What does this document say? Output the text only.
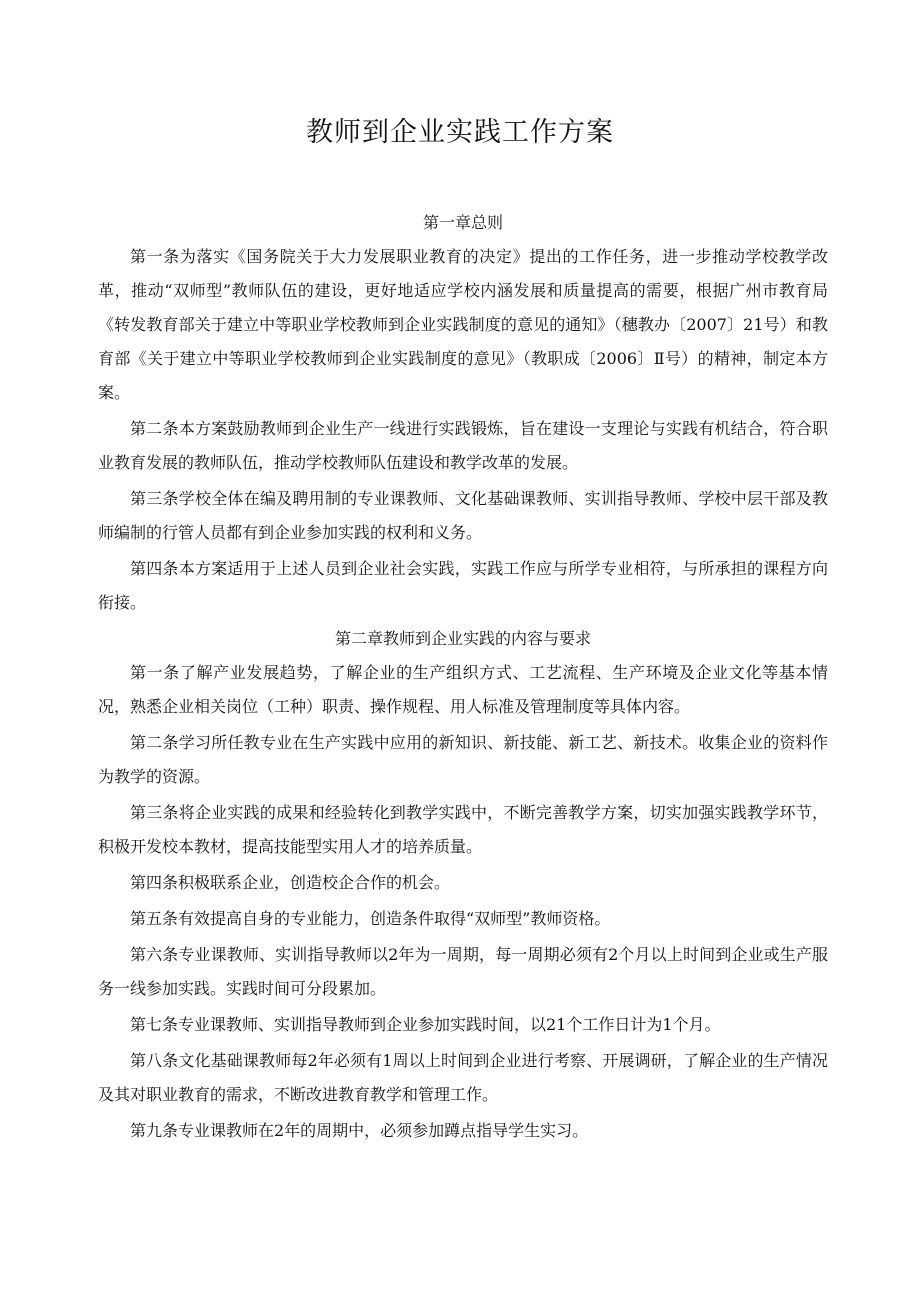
教师到企业实践工作方案
第一章总则

第一条为落实《国务院关于大力发展职业教育的决定》提出的工作任务，进一步推动学校教学改革，推动“双师型”教师队伍的建设，更好地适应学校内涵发展和质量提高的需要，根据广州市教育局《转发教育部关于建立中等职业学校教师到企业实践制度的意见的通知》（穗教办〔2007〕21号）和教育部《关于建立中等职业学校教师到企业实践制度的意见》（教职成〔2006〕Ⅱ号）的精神，制定本方案。

第二条本方案鼓励教师到企业生产一线进行实践锻炼，旨在建设一支理论与实践有机结合，符合职业教育发展的教师队伍，推动学校教师队伍建设和教学改革的发展。

第三条学校全体在编及聘用制的专业课教师、文化基础课教师、实训指导教师、学校中层干部及教师编制的行管人员都有到企业参加实践的权利和义务。

第四条本方案适用于上述人员到企业社会实践，实践工作应与所学专业相符，与所承担的课程方向衔接。

第二章教师到企业实践的内容与要求

第一条了解产业发展趋势，了解企业的生产组织方式、工艺流程、生产环境及企业文化等基本情况，熟悉企业相关岗位（工种）职责、操作规程、用人标准及管理制度等具体内容。

第二条学习所任教专业在生产实践中应用的新知识、新技能、新工艺、新技术。收集企业的资料作为教学的资源。

第三条将企业实践的成果和经验转化到教学实践中，不断完善教学方案，切实加强实践教学环节，积极开发校本教材，提高技能型实用人才的培养质量。

第四条积极联系企业，创造校企合作的机会。

第五条有效提高自身的专业能力，创造条件取得“双师型”教师资格。

第六条专业课教师、实训指导教师以2年为一周期，每一周期必须有2个月以上时间到企业或生产服务一线参加实践。实践时间可分段累加。

第七条专业课教师、实训指导教师到企业参加实践时间，以21个工作日计为1个月。

第八条文化基础课教师每2年必须有1周以上时间到企业进行考察、开展调研，了解企业的生产情况及其对职业教育的需求，不断改进教育教学和管理工作。

第九条专业课教师在2年的周期中，必须参加蹲点指导学生实习。
